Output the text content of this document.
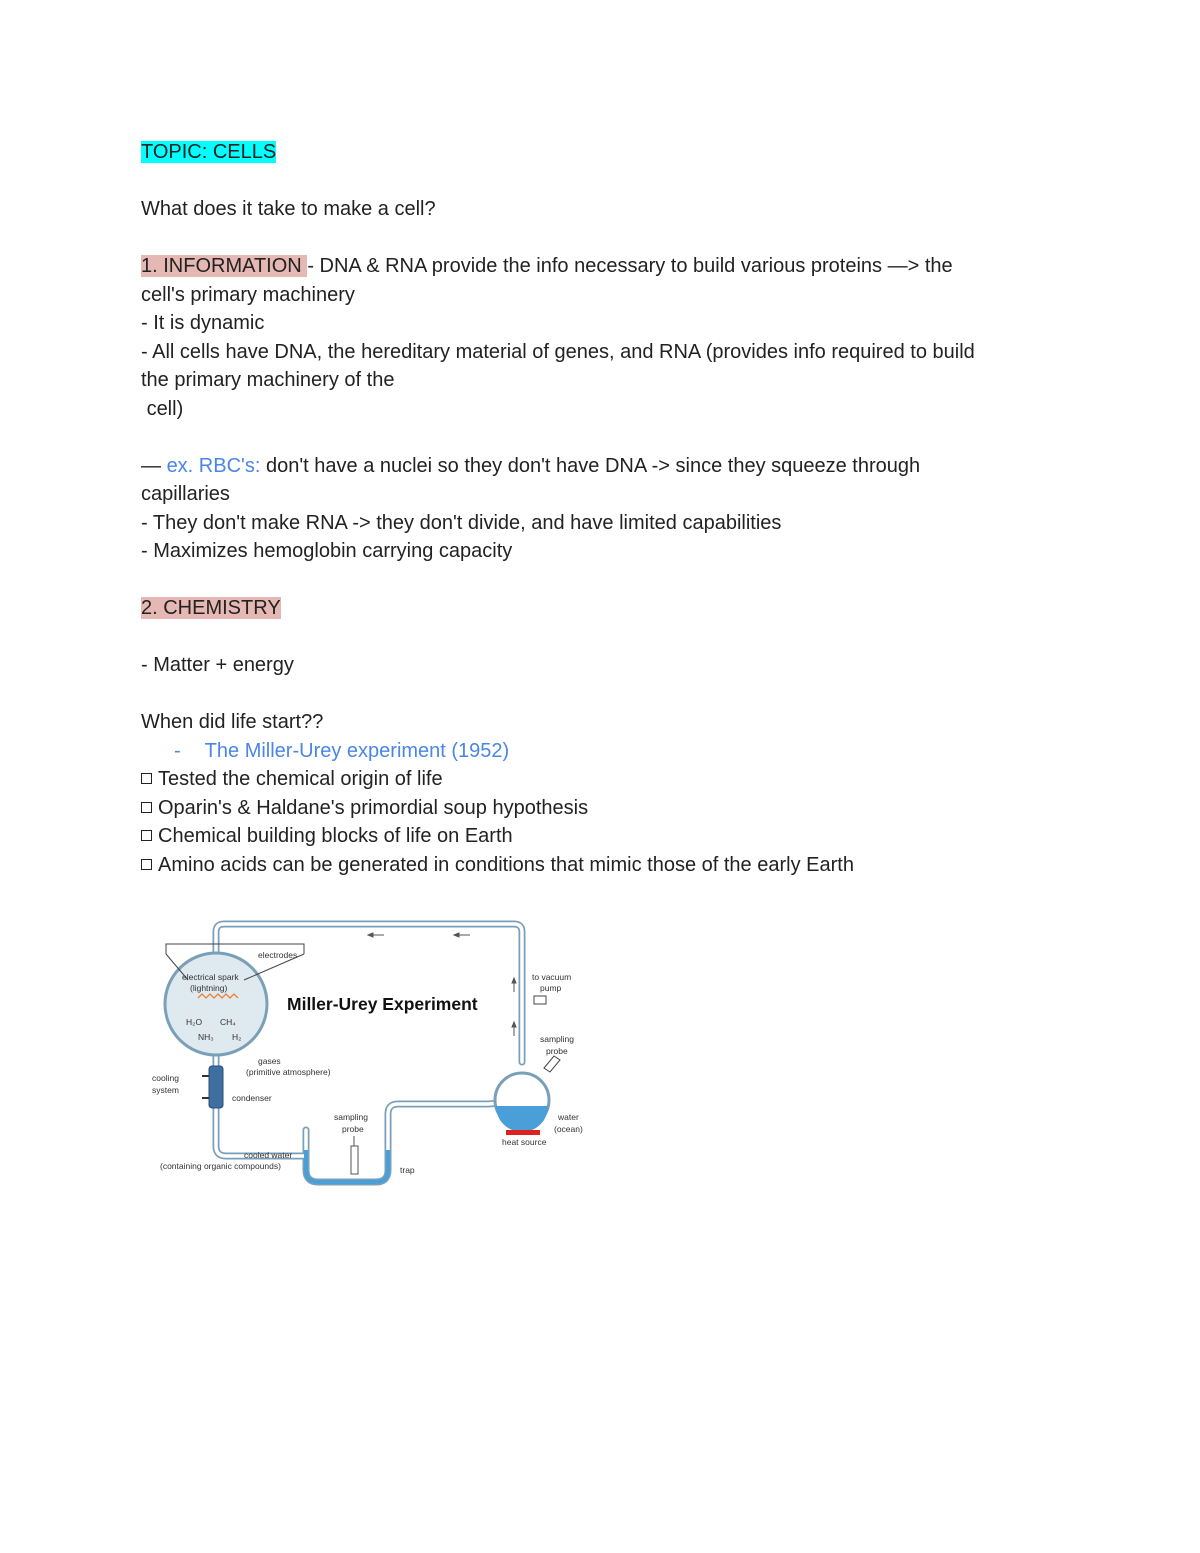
TOPIC: CELLS
What does it take to make a cell?
1. INFORMATION - DNA & RNA provide the info necessary to build various proteins —> the
cell's primary machinery
- It is dynamic
- All cells have DNA, the hereditary material of genes, and RNA (provides info required to build
the primary machinery of the
cell)
— ex. RBC's: don't have a nuclei so they don't have DNA -> since they squeeze through
capillaries
- They don't make RNA -> they don't divide, and have limited capabilities
- Maximizes hemoglobin carrying capacity
2. CHEMISTRY
- Matter + energy
When did life start??
- The Miller-Urey experiment (1952)
Tested the chemical origin of life
Oparin's & Haldane's primordial soup hypothesis
Chemical building blocks of life on Earth
Amino acids can be generated in conditions that mimic those of the early Earth
Miller-Urey Experiment
electrodes
electrical spark
(lightning)
H₂O CH₄
NH₃ H₂
gases
(primitive atmosphere)
cooling
system
condenser
cooled water
(containing organic compounds)
sampling
probe
trap
to vacuum
pump
sampling
probe
water
(ocean)
heat source
